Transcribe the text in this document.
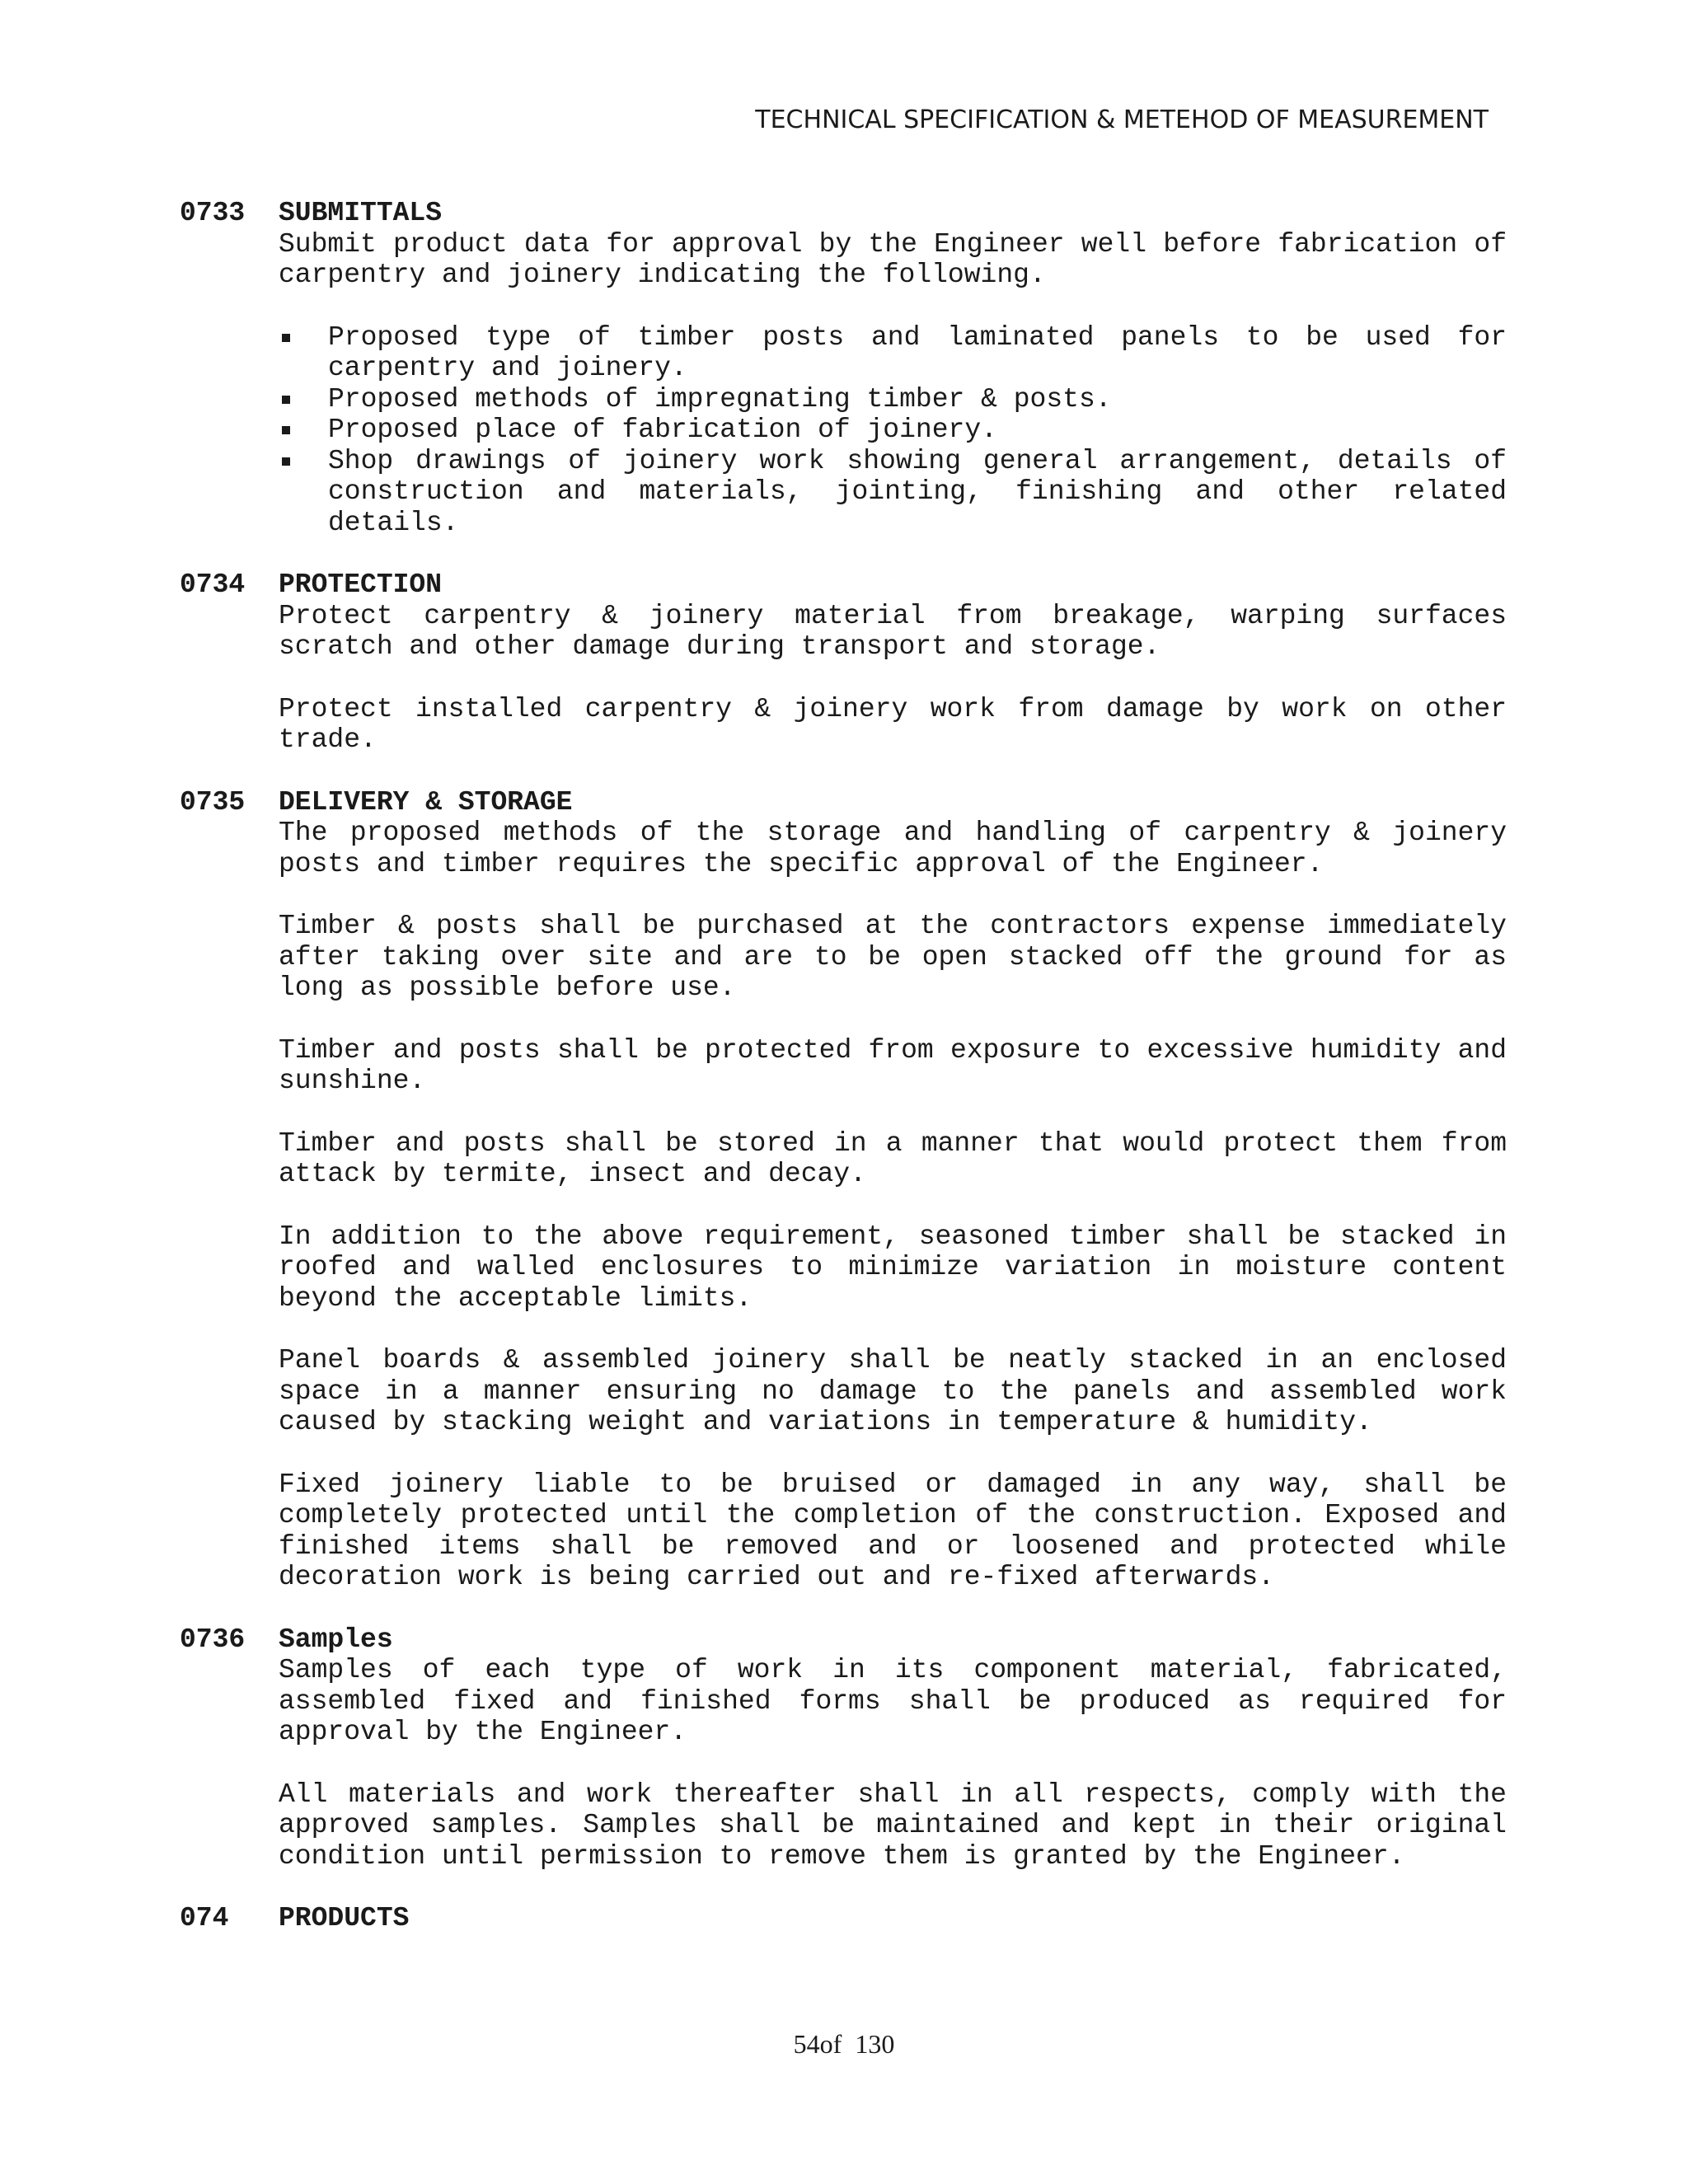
TECHNICAL SPECIFICATION & METEHOD OF MEASUREMENT
0733	SUBMITTALS

Submit product data for approval by the Engineer well before fabrication of carpentry and joinery indicating the following.

Proposed type of timber posts and laminated panels to be used for carpentry and joinery.
Proposed methods of impregnating timber & posts.
Proposed place of fabrication of joinery.
Shop drawings of joinery work showing general arrangement, details of construction and materials, jointing, finishing and other related details.
0734	PROTECTION

Protect carpentry & joinery material from breakage, warping surfaces scratch and other damage during transport and storage.

Protect installed carpentry & joinery work from damage by work on other trade.

0735	DELIVERY & STORAGE

The proposed methods of the storage and handling of carpentry & joinery posts and timber requires the specific approval of the Engineer.

Timber & posts shall be purchased at the contractors expense immediately after taking over site and are to be open stacked off the ground for as long as possible before use.

Timber and posts shall be protected from exposure to excessive humidity and sunshine.

Timber and posts shall be stored in a manner that would protect them from attack by termite, insect and decay.

In addition to the above requirement, seasoned timber shall be stacked in roofed and walled enclosures to minimize variation in moisture content beyond the acceptable limits.

Panel boards & assembled joinery shall be neatly stacked in an enclosed space in a manner ensuring no damage to the panels and assembled work caused by stacking weight and variations in temperature & humidity.

Fixed joinery liable to be bruised or damaged in any way, shall be completely protected until the completion of the construction. Exposed and finished items shall be removed and or loosened and protected while decoration work is being carried out and re-fixed afterwards.

0736	Samples

Samples of each type of work in its component material, fabricated, assembled fixed and finished forms shall be produced as required for approval by the Engineer.

All materials and work thereafter shall in all respects, comply with the approved samples. Samples shall be maintained and kept in their original condition until permission to remove them is granted by the Engineer.

074	PRODUCTS
54of 130
